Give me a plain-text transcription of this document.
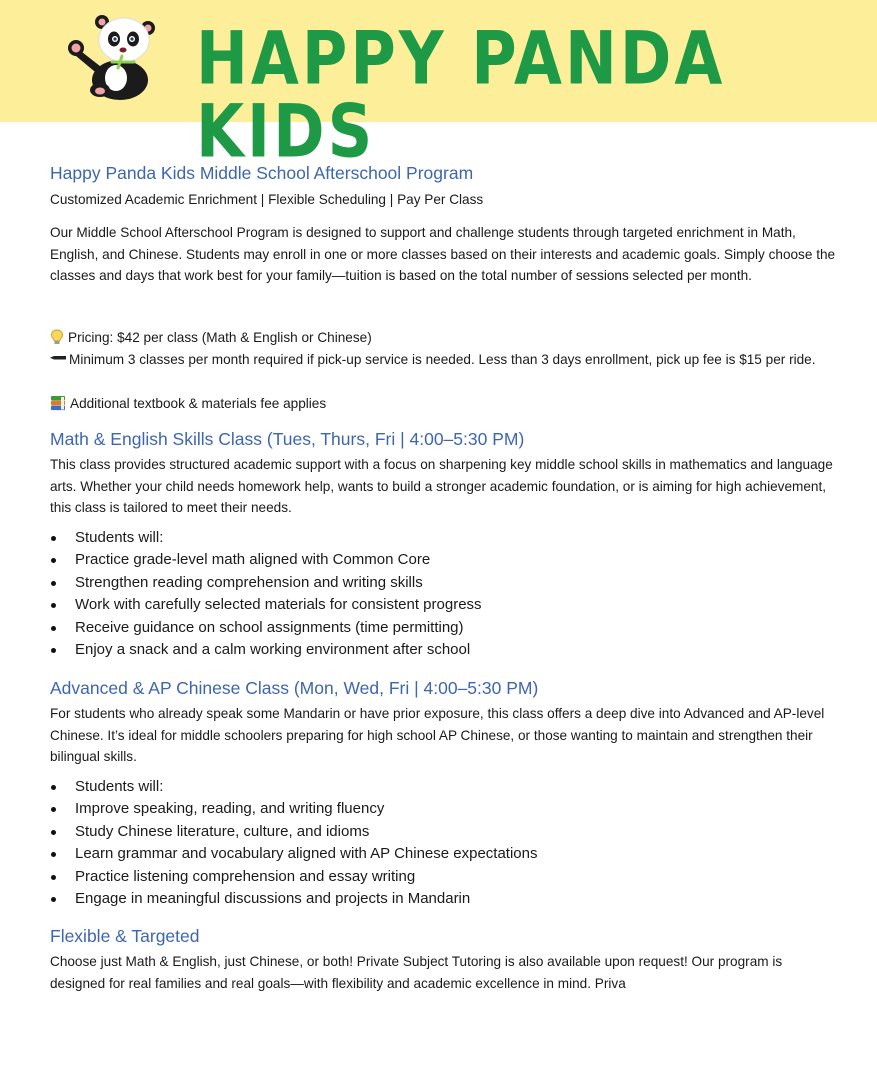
HAPPY PANDA KIDS
Happy Panda Kids Middle School Afterschool Program
Customized Academic Enrichment | Flexible Scheduling | Pay Per Class

Our Middle School Afterschool Program is designed to support and challenge students through targeted enrichment in Math, English, and Chinese. Students may enroll in one or more classes based on their interests and academic goals. Simply choose the classes and days that work best for your family—tuition is based on the total number of sessions selected per month.

Pricing: $42 per class (Math & English or Chinese)
Minimum 3 classes per month required if pick-up service is needed. Less than 3 days enrollment, pick up fee is $15 per ride.
Additional textbook & materials fee applies
Math & English Skills Class (Tues, Thurs, Fri | 4:00–5:30 PM)

This class provides structured academic support with a focus on sharpening key middle school skills in mathematics and language arts. Whether your child needs homework help, wants to build a stronger academic foundation, or is aiming for high achievement, this class is tailored to meet their needs.

Students will:
Practice grade-level math aligned with Common Core
Strengthen reading comprehension and writing skills
Work with carefully selected materials for consistent progress
Receive guidance on school assignments (time permitting)
Enjoy a snack and a calm working environment after school
Advanced & AP Chinese Class (Mon, Wed, Fri | 4:00–5:30 PM)

For students who already speak some Mandarin or have prior exposure, this class offers a deep dive into Advanced and AP-level Chinese. It’s ideal for middle schoolers preparing for high school AP Chinese, or those wanting to maintain and strengthen their bilingual skills.

Students will:
Improve speaking, reading, and writing fluency
Study Chinese literature, culture, and idioms
Learn grammar and vocabulary aligned with AP Chinese expectations
Practice listening comprehension and essay writing
Engage in meaningful discussions and projects in Mandarin
Flexible & Targeted

Choose just Math & English, just Chinese, or both! Private Subject Tutoring is also available upon request! Our program is designed for real families and real goals—with flexibility and academic excellence in mind. Priva
